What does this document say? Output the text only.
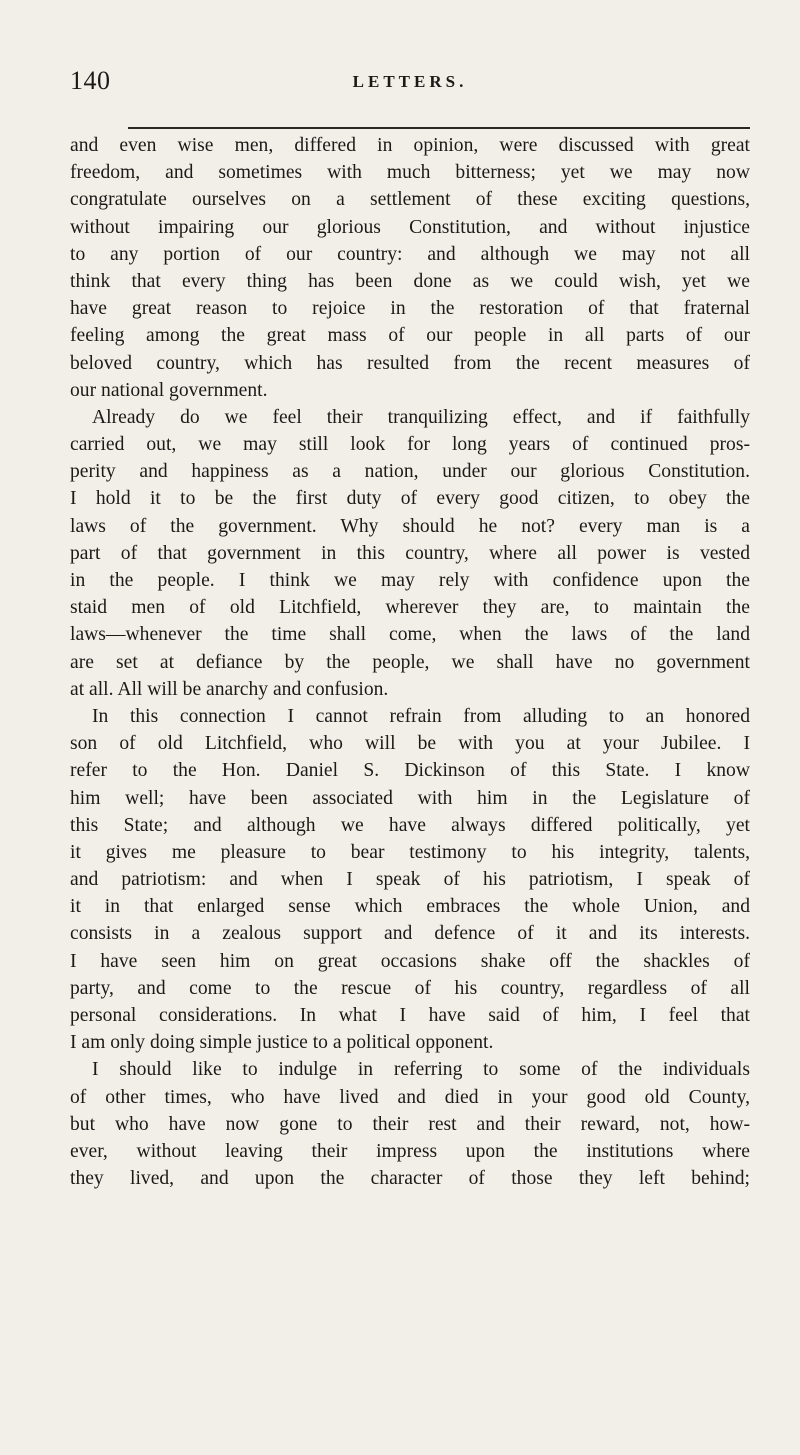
140	LETTERS.
and even wise men, differed in opinion, were discussed with great
freedom, and sometimes with much bitterness; yet we may now
congratulate ourselves on a settlement of these exciting questions,
without impairing our glorious Constitution, and without injustice
to any portion of our country: and although we may not all
think that every thing has been done as we could wish, yet we
have great reason to rejoice in the restoration of that fraternal
feeling among the great mass of our people in all parts of our
beloved country, which has resulted from the recent measures of
our national government.
Already do we feel their tranquilizing effect, and if faithfully
carried out, we may still look for long years of continued pros-
perity and happiness as a nation, under our glorious Constitution.
I hold it to be the first duty of every good citizen, to obey the
laws of the government. Why should he not? every man is a
part of that government in this country, where all power is vested
in the people. I think we may rely with confidence upon the
staid men of old Litchfield, wherever they are, to maintain the
laws—whenever the time shall come, when the laws of the land
are set at defiance by the people, we shall have no government
at all. All will be anarchy and confusion.
In this connection I cannot refrain from alluding to an honored
son of old Litchfield, who will be with you at your Jubilee. I
refer to the Hon. Daniel S. Dickinson of this State. I know
him well; have been associated with him in the Legislature of
this State; and although we have always differed politically, yet
it gives me pleasure to bear testimony to his integrity, talents,
and patriotism: and when I speak of his patriotism, I speak of
it in that enlarged sense which embraces the whole Union, and
consists in a zealous support and defence of it and its interests.
I have seen him on great occasions shake off the shackles of
party, and come to the rescue of his country, regardless of all
personal considerations. In what I have said of him, I feel that
I am only doing simple justice to a political opponent.
I should like to indulge in referring to some of the individuals
of other times, who have lived and died in your good old County,
but who have now gone to their rest and their reward, not, how-
ever, without leaving their impress upon the institutions where
they lived, and upon the character of those they left behind;
